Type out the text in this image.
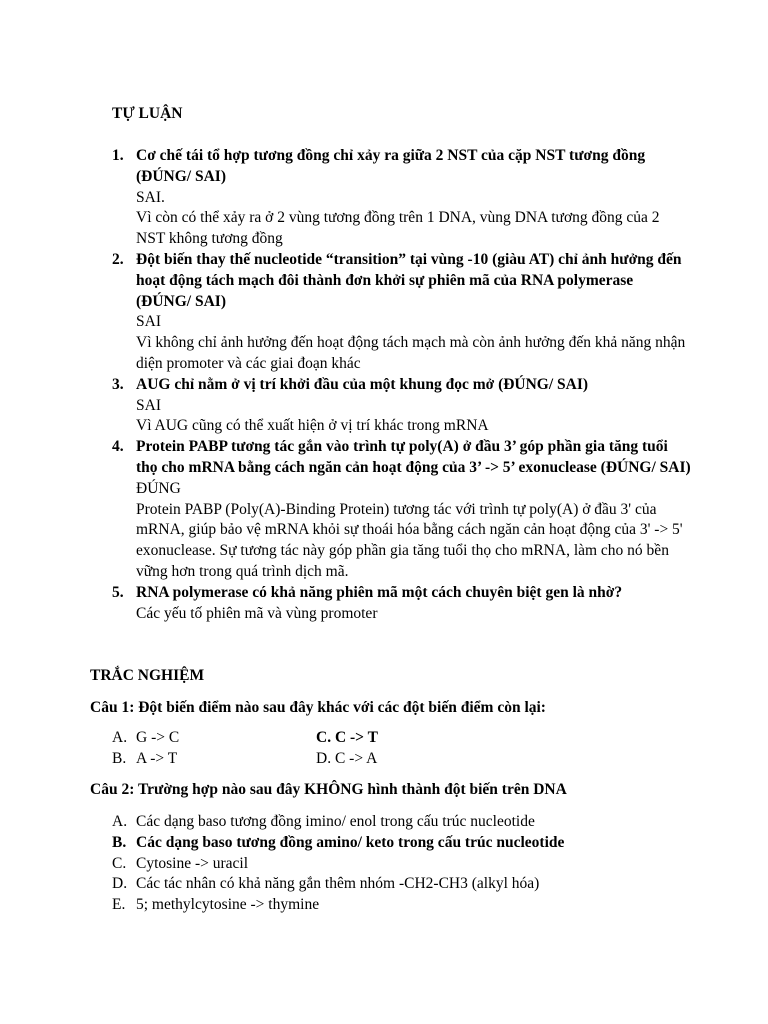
TỰ LUẬN
1. Cơ chế tái tổ hợp tương đồng chỉ xảy ra giữa 2 NST của cặp NST tương đồng (ĐÚNG/ SAI)
SAI.
Vì còn có thể xảy ra ở 2 vùng tương đồng trên 1 DNA, vùng DNA tương đồng của 2 NST không tương đồng
2. Đột biến thay thế nucleotide “transition” tại vùng -10 (giàu AT) chỉ ảnh hưởng đến hoạt động tách mạch đôi thành đơn khởi sự phiên mã của RNA polymerase (ĐÚNG/ SAI)
SAI
Vì không chỉ ảnh hưởng đến hoạt động tách mạch mà còn ảnh hưởng đến khả năng nhận diện promoter và các giai đoạn khác
3. AUG chỉ nằm ở vị trí khởi đầu của một khung đọc mở (ĐÚNG/ SAI)
SAI
Vì AUG cũng có thể xuất hiện ở vị trí khác trong mRNA
4. Protein PABP tương tác gắn vào trình tự poly(A) ở đầu 3’ góp phần gia tăng tuổi thọ cho mRNA bằng cách ngăn cản hoạt động của 3’ -> 5’ exonuclease (ĐÚNG/ SAI)
ĐÚNG
Protein PABP (Poly(A)-Binding Protein) tương tác với trình tự poly(A) ở đầu 3' của mRNA, giúp bảo vệ mRNA khỏi sự thoái hóa bằng cách ngăn cản hoạt động của 3' -> 5' exonuclease. Sự tương tác này góp phần gia tăng tuổi thọ cho mRNA, làm cho nó bền vững hơn trong quá trình dịch mã.
5. RNA polymerase có khả năng phiên mã một cách chuyên biệt gen là nhờ?
Các yếu tố phiên mã và vùng promoter
TRẮC NGHIỆM
Câu 1: Đột biến điểm nào sau đây khác với các đột biến điểm còn lại:
A. G -> C	C. C -> T
B. A -> T	D. C -> A
Câu 2: Trường hợp nào sau đây KHÔNG hình thành đột biến trên DNA
A. Các dạng baso tương đồng imino/ enol trong cấu trúc nucleotide
B. Các dạng baso tương đồng amino/ keto trong cấu trúc nucleotide
C. Cytosine -> uracil
D. Các tác nhân có khả năng gắn thêm nhóm -CH2-CH3 (alkyl hóa)
E. 5; methylcytosine -> thymine
